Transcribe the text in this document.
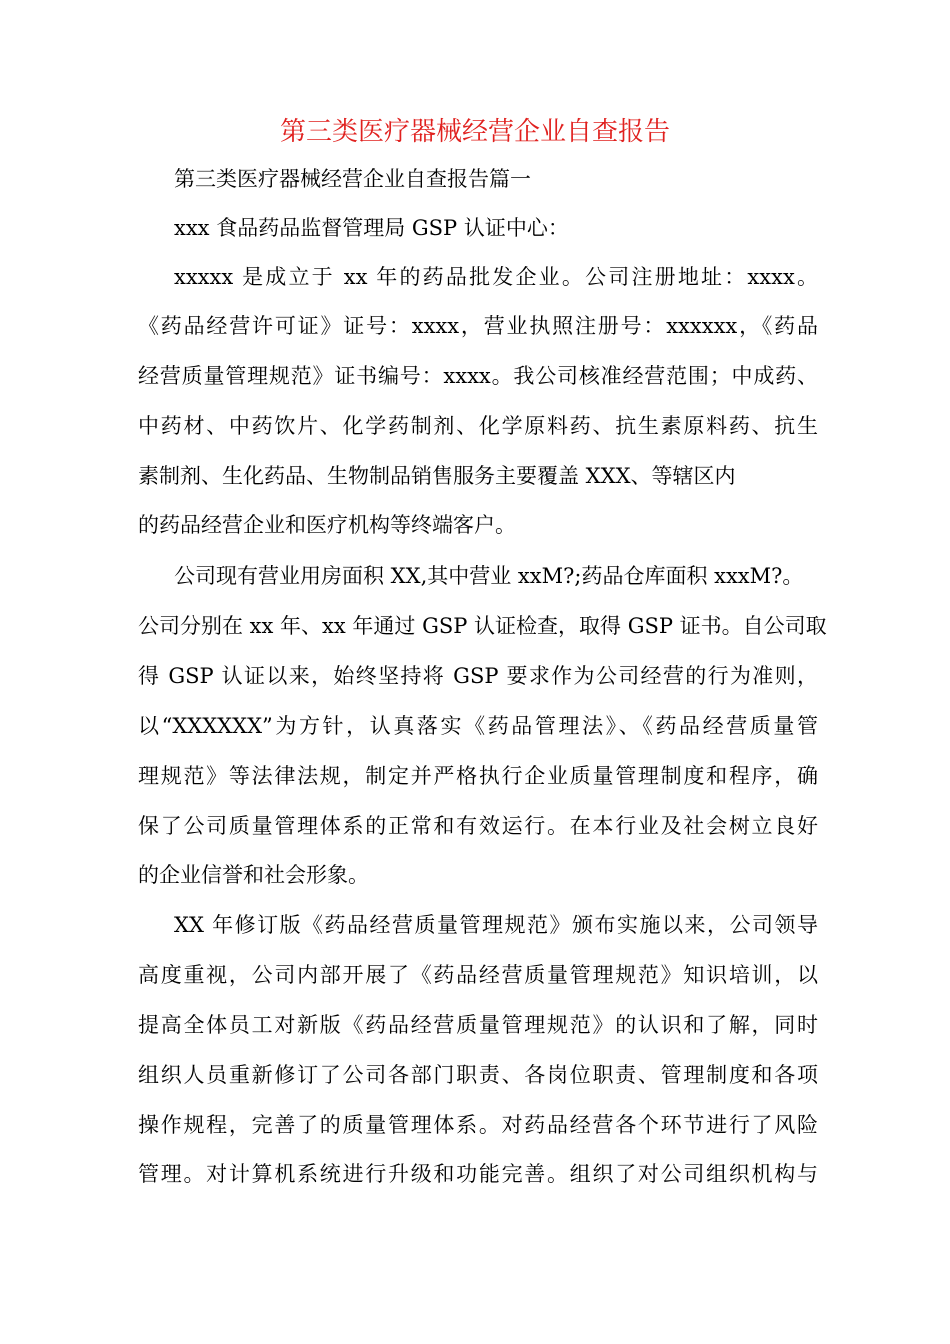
第三类医疗器械经营企业自查报告
第三类医疗器械经营企业自查报告篇一
xxx 食品药品监督管理局 GSP 认证中心：
xxxxx 是成立于 xx 年的药品批发企业。公司注册地址：xxxx。
《药品经营许可证》证号：xxxx，营业执照注册号：xxxxxx，《药品
经营质量管理规范》证书编号：xxxx。我公司核准经营范围；中成药、
中药材、中药饮片、化学药制剂、化学原料药、抗生素原料药、抗生
素制剂、生化药品、生物制品销售服务主要覆盖 XXX、等辖区内
的药品经营企业和医疗机构等终端客户。
公司现有营业用房面积 XX,其中营业 xxM?;药品仓库面积 xxxM?。
公司分别在 xx 年、xx 年通过 GSP 认证检查，取得 GSP 证书。自公司取
得 GSP 认证以来，始终坚持将 GSP 要求作为公司经营的行为准则，
以“XXXXXX”为方针，认真落实《药品管理法》、《药品经营质量管
理规范》等法律法规，制定并严格执行企业质量管理制度和程序，确
保了公司质量管理体系的正常和有效运行。在本行业及社会树立良好
的企业信誉和社会形象。
XX 年修订版《药品经营质量管理规范》颁布实施以来，公司领导
高度重视，公司内部开展了《药品经营质量管理规范》知识培训，以
提高全体员工对新版《药品经营质量管理规范》的认识和了解，同时
组织人员重新修订了公司各部门职责、各岗位职责、管理制度和各项
操作规程，完善了的质量管理体系。对药品经营各个环节进行了风险
管理。对计算机系统进行升级和功能完善。组织了对公司组织机构与
